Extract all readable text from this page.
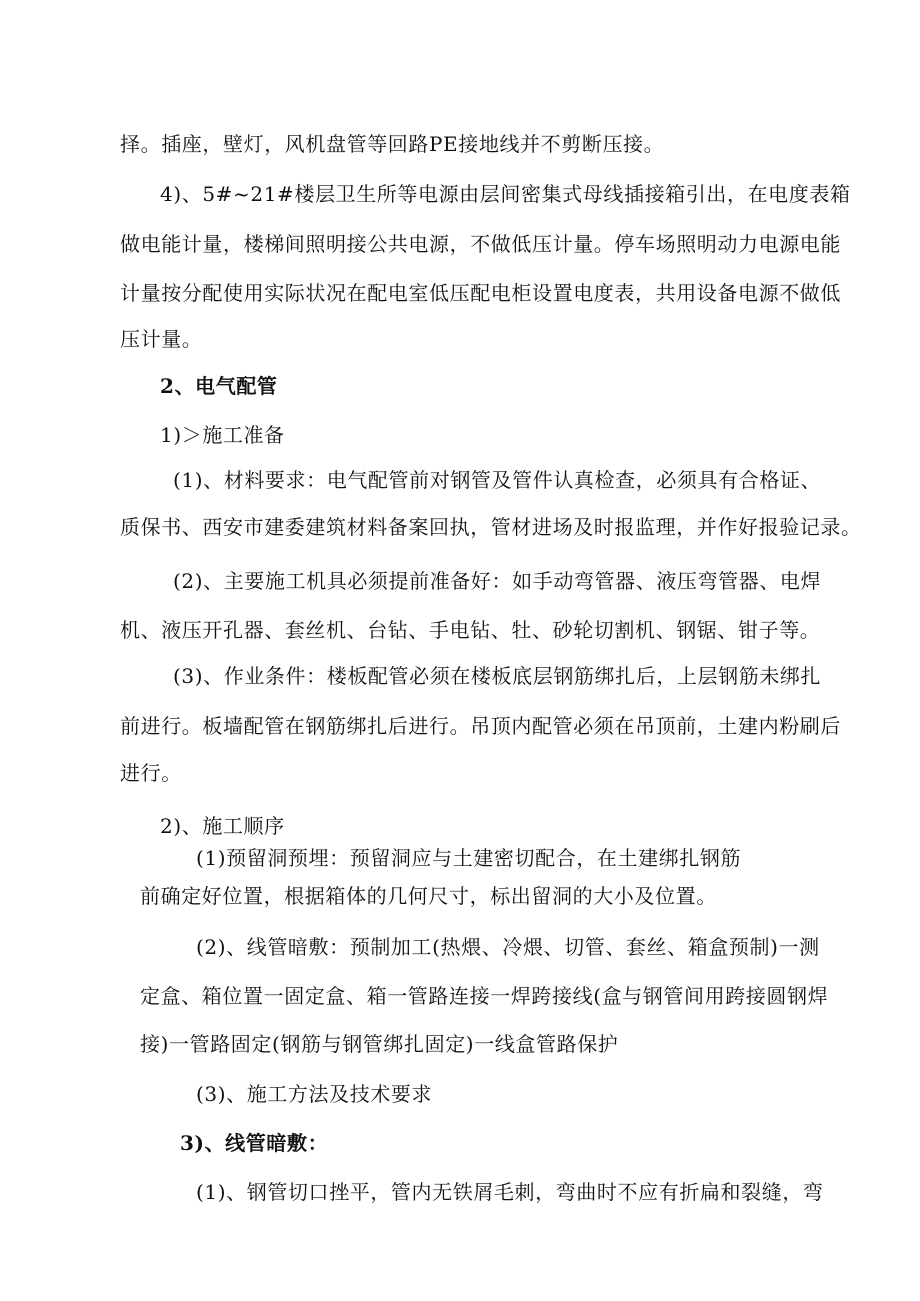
择。插座，壁灯，风机盘管等回路PE接地线并不剪断压接。
4)、5#~21#楼层卫生所等电源由层间密集式母线插接箱引出，在电度表箱
做电能计量，楼梯间照明接公共电源，不做低压计量。停车场照明动力电源电能
计量按分配使用实际状况在配电室低压配电柜设置电度表，共用设备电源不做低
压计量。
2、电气配管
1)＞施工准备
(1)、材料要求：电气配管前对钢管及管件认真检查，必须具有合格证、
质保书、西安市建委建筑材料备案回执，管材进场及时报监理，并作好报验记录。
(2)、主要施工机具必须提前准备好：如手动弯管器、液压弯管器、电焊
机、液压开孔器、套丝机、台钻、手电钻、牡、砂轮切割机、钢锯、钳子等。
(3)、作业条件：楼板配管必须在楼板底层钢筋绑扎后，上层钢筋未绑扎
前进行。板墙配管在钢筋绑扎后进行。吊顶内配管必须在吊顶前，土建内粉刷后
进行。
2)、施工顺序
(1)预留洞预埋：预留洞应与土建密切配合，在土建绑扎钢筋
前确定好位置，根据箱体的几何尺寸，标出留洞的大小及位置。
(2)、线管暗敷：预制加工(热煨、冷煨、切管、套丝、箱盒预制)一测
定盒、箱位置一固定盒、箱一管路连接一焊跨接线(盒与钢管间用跨接圆钢焊
接)一管路固定(钢筋与钢管绑扎固定)一线盒管路保护
(3)、施工方法及技术要求
3)、线管暗敷：
(1)、钢管切口挫平，管内无铁屑毛刺，弯曲时不应有折扁和裂缝，弯
